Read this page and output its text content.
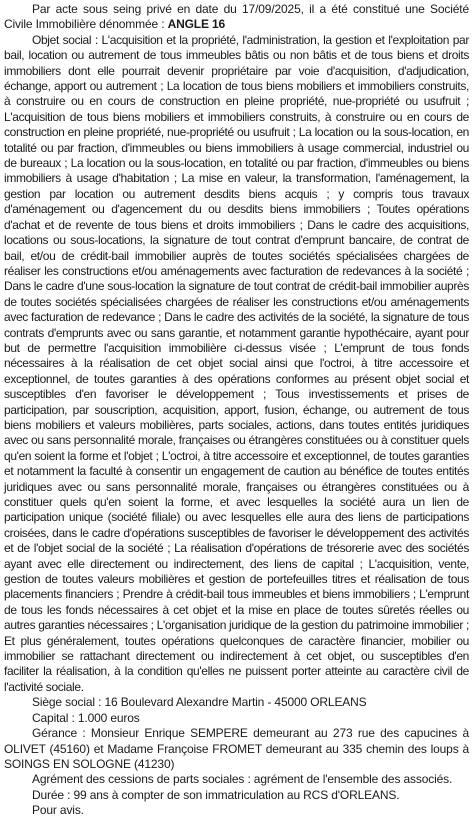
Par acte sous seing privé en date du 17/09/2025, il a été constitué une Société Civile Immobilière dénommée : ANGLE 16

Objet social : L'acquisition et la propriété, l'administration, la gestion et l'exploitation par bail, location ou autrement de tous immeubles bâtis ou non bâtis et de tous biens et droits immobiliers dont elle pourrait devenir propriétaire par voie d'acquisition, d'adjudication, échange, apport ou autrement ; La location de tous biens mobiliers et immobiliers construits, à construire ou en cours de construction en pleine propriété, nue-propriété ou usufruit ; L'acquisition de tous biens mobiliers et immobiliers construits, à construire ou en cours de construction en pleine propriété, nue-propriété ou usufruit ; La location ou la sous-location, en totalité ou par fraction, d'immeubles ou biens immobiliers à usage commercial, industriel ou de bureaux ; La location ou la sous-location, en totalité ou par fraction, d'immeubles ou biens immobiliers à usage d'habitation ; La mise en valeur, la transformation, l'aménagement, la gestion par location ou autrement desdits biens acquis ; y compris tous travaux d'aménagement ou d'agencement du ou desdits biens immobiliers ; Toutes opérations d'achat et de revente de tous biens et droits immobiliers ; Dans le cadre des acquisitions, locations ou sous-locations, la signature de tout contrat d'emprunt bancaire, de contrat de bail, et/ou de crédit-bail immobilier auprès de toutes sociétés spécialisées chargées de réaliser les constructions et/ou aménagements avec facturation de redevances à la société ; Dans le cadre d'une sous-location la signature de tout contrat de crédit-bail immobilier auprès de toutes sociétés spécialisées chargées de réaliser les constructions et/ou aménagements avec facturation de redevance ; Dans le cadre des activités de la société, la signature de tous contrats d'emprunts avec ou sans garantie, et notamment garantie hypothécaire, ayant pour but de permettre l'acquisition immobilière ci-dessus visée ; L'emprunt de tous fonds nécessaires à la réalisation de cet objet social ainsi que l'octroi, à titre accessoire et exceptionnel, de toutes garanties à des opérations conformes au présent objet social et susceptibles d'en favoriser le développement ; Tous investissements et prises de participation, par souscription, acquisition, apport, fusion, échange, ou autrement de tous biens mobiliers et valeurs mobilières, parts sociales, actions, dans toutes entités juridiques avec ou sans personnalité morale, françaises ou étrangères constituées ou à constituer quels qu'en soient la forme et l'objet ; L'octroi, à titre accessoire et exceptionnel, de toutes garanties et notamment la faculté à consentir un engagement de caution au bénéfice de toutes entités juridiques avec ou sans personnalité morale, françaises ou étrangères constituées ou à constituer quels qu'en soient la forme, et avec lesquelles la société aura un lien de participation unique (société filiale) ou avec lesquelles elle aura des liens de participations croisées, dans le cadre d'opérations susceptibles de favoriser le développement des activités et de l'objet social de la société ; La réalisation d'opérations de trésorerie avec des sociétés ayant avec elle directement ou indirectement, des liens de capital ; L'acquisition, vente, gestion de toutes valeurs mobilières et gestion de portefeuilles titres et réalisation de tous placements financiers ; Prendre à crédit-bail tous immeubles et biens immobiliers ; L'emprunt de tous les fonds nécessaires à cet objet et la mise en place de toutes sûretés réelles ou autres garanties nécessaires ; L'organisation juridique de la gestion du patrimoine immobilier ; Et plus généralement, toutes opérations quelconques de caractère financier, mobilier ou immobilier se rattachant directement ou indirectement à cet objet, ou susceptibles d'en faciliter la réalisation, à la condition qu'elles ne puissent porter atteinte au caractère civil de l'activité sociale.

Siège social : 16 Boulevard Alexandre Martin - 45000 ORLEANS

Capital : 1.000 euros

Gérance : Monsieur Enrique SEMPERE demeurant au 273 rue des capucines à OLIVET (45160) et Madame Françoise FROMET demeurant au 335 chemin des loups à SOINGS EN SOLOGNE (41230)

Agrément des cessions de parts sociales : agrément de l'ensemble des associés.

Durée : 99 ans à compter de son immatriculation au RCS d'ORLEANS.

Pour avis.
